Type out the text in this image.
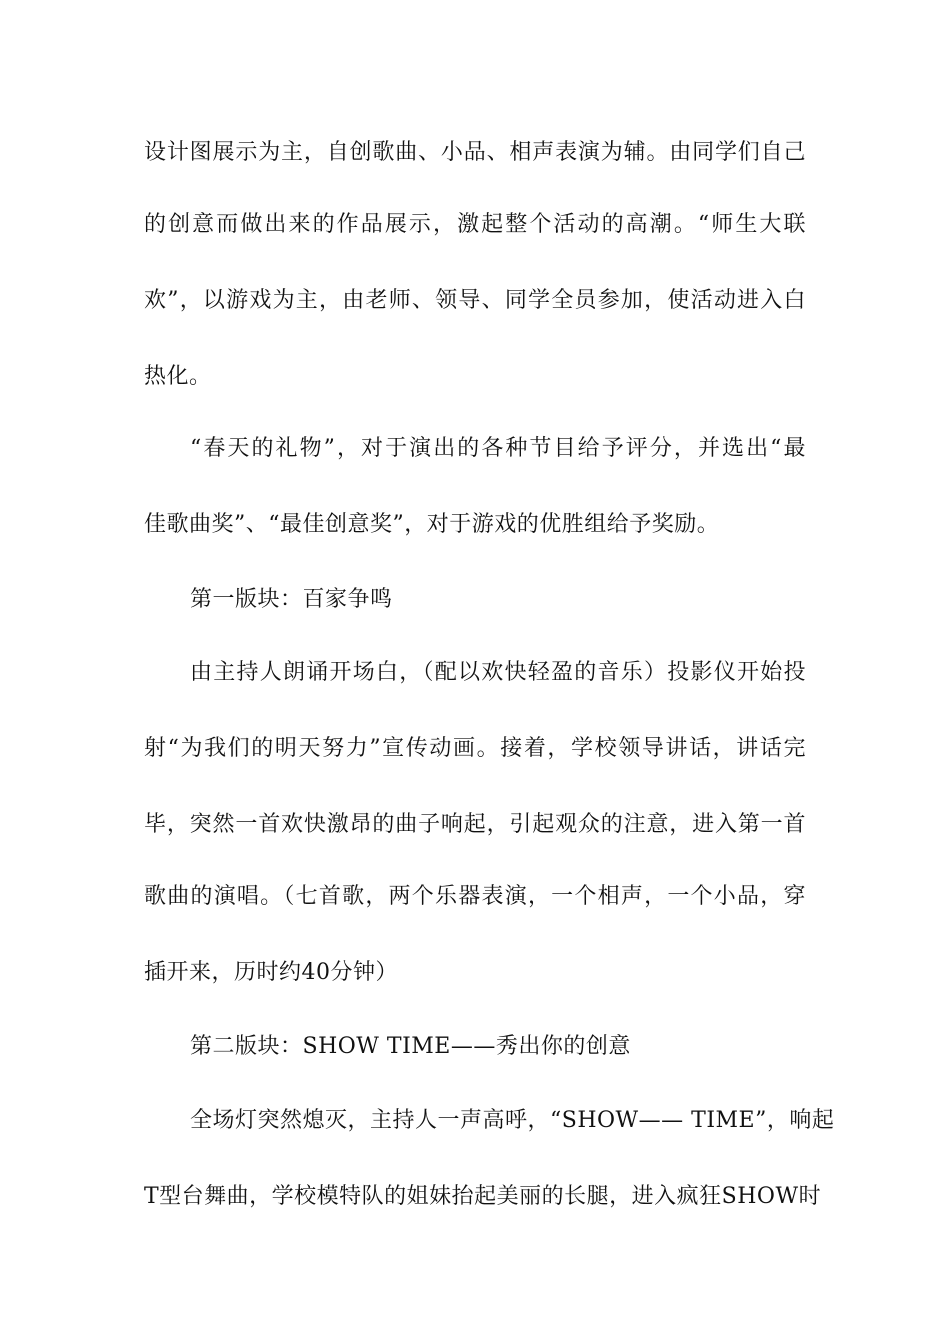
设计图展示为主，自创歌曲、小品、相声表演为辅。由同学们自己
的创意而做出来的作品展示，激起整个活动的高潮。“师生大联
欢”，以游戏为主，由老师、领导、同学全员参加，使活动进入白
热化。
“春天的礼物”，对于演出的各种节目给予评分，并选出“最
佳歌曲奖”、“最佳创意奖”，对于游戏的优胜组给予奖励。
第一版块：百家争鸣
由主持人朗诵开场白，（配以欢快轻盈的音乐）投影仪开始投
射“为我们的明天努力”宣传动画。接着，学校领导讲话，讲话完
毕，突然一首欢快激昂的曲子响起，引起观众的注意，进入第一首
歌曲的演唱。（七首歌，两个乐器表演，一个相声，一个小品，穿
插开来，历时约40分钟）
第二版块：SHOW TIME——秀出你的创意
全场灯突然熄灭，主持人一声高呼，“SHOW—— TIME”，响起
T型台舞曲，学校模特队的姐妹抬起美丽的长腿，进入疯狂SHOW时
